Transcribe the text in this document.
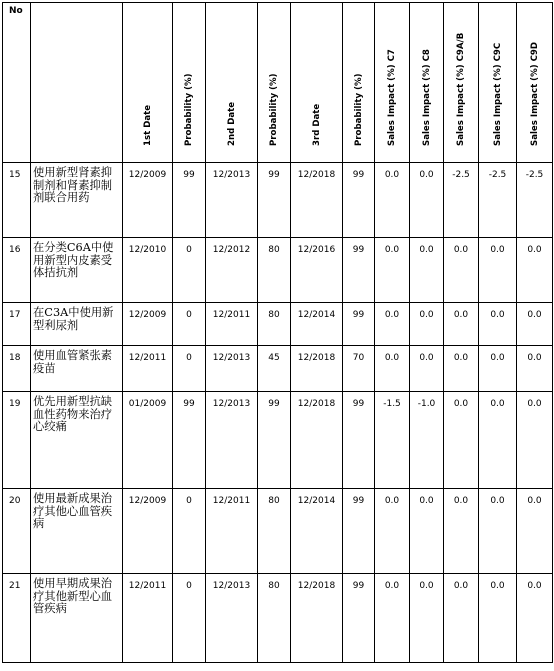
No		1st Date	Probability (%)	2nd Date	Probability (%)	3rd Date	Probability (%)	Sales Impact (%) C7	Sales Impact (%) C8	Sales Impact (%) C9A/B	Sales Impact (%) C9C	Sales Impact (%) C9D

15	使用新型肾素抑制剂和肾素抑制剂联合用药	12/2009	99	12/2013	99	12/2018	99	0.0	0.0	-2.5	-2.5	-2.5
16	在分类C6A中使用新型内皮素受体拮抗剂	12/2010	0	12/2012	80	12/2016	99	0.0	0.0	0.0	0.0	0.0
17	在C3A中使用新型利尿剂	12/2009	0	12/2011	80	12/2014	99	0.0	0.0	0.0	0.0	0.0
18	使用血管紧张素疫苗	12/2011	0	12/2013	45	12/2018	70	0.0	0.0	0.0	0.0	0.0
19	优先用新型抗缺血性药物来治疗心绞痛	01/2009	99	12/2013	99	12/2018	99	-1.5	-1.0	0.0	0.0	0.0
20	使用最新成果治疗其他心血管疾病	12/2009	0	12/2011	80	12/2014	99	0.0	0.0	0.0	0.0	0.0
21	使用早期成果治疗其他新型心血管疾病	12/2011	0	12/2013	80	12/2018	99	0.0	0.0	0.0	0.0	0.0
